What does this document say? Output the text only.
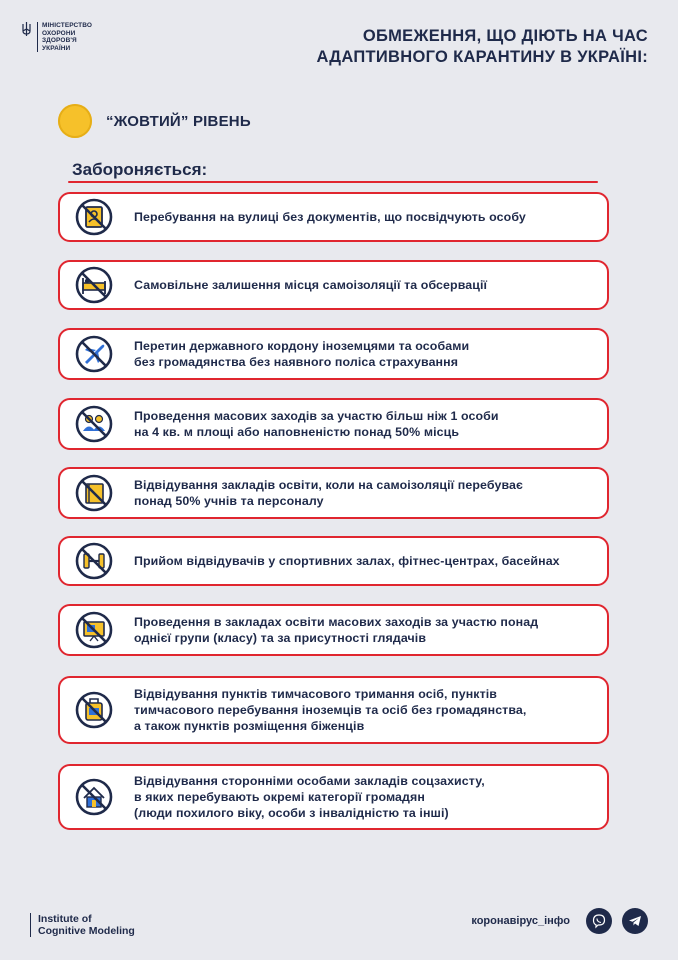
МІНІСТЕРСТВО
ОХОРОНИ
ЗДОРОВ'Я
УКРАЇНИ
ОБМЕЖЕННЯ, ЩО ДІЮТЬ НА ЧАС
АДАПТИВНОГО КАРАНТИНУ В УКРАЇНІ:
“ЖОВТИЙ” РІВЕНЬ
Забороняється:
Перебування на вулиці без документів, що посвідчують особу
Самовільне залишення місця самоізоляції та обсервації
Перетин державного кордону іноземцями та особами
без громадянства без наявного поліса страхування
Проведення масових заходів за участю більш ніж 1 особи
на 4 кв. м площі або наповненістю понад 50% місць
Відвідування закладів освіти, коли на самоізоляції перебуває
понад 50% учнів та персоналу
Прийом відвідувачів у спортивних залах, фітнес-центрах, басейнах
Проведення в закладах освіти масових заходів за участю понад
однієї групи (класу) та за присутності глядачів
Відвідування пунктів тимчасового тримання осіб, пунктів
тимчасового перебування іноземців та осіб без громадянства,
а також пунктів розміщення біженців
Відвідування сторонніми особами закладів соцзахисту,
в яких перебувають окремі категорії громадян
(люди похилого віку, особи з інвалідністю та інші)
Institute of
Cognitive Modeling
коронавірус_інфо
